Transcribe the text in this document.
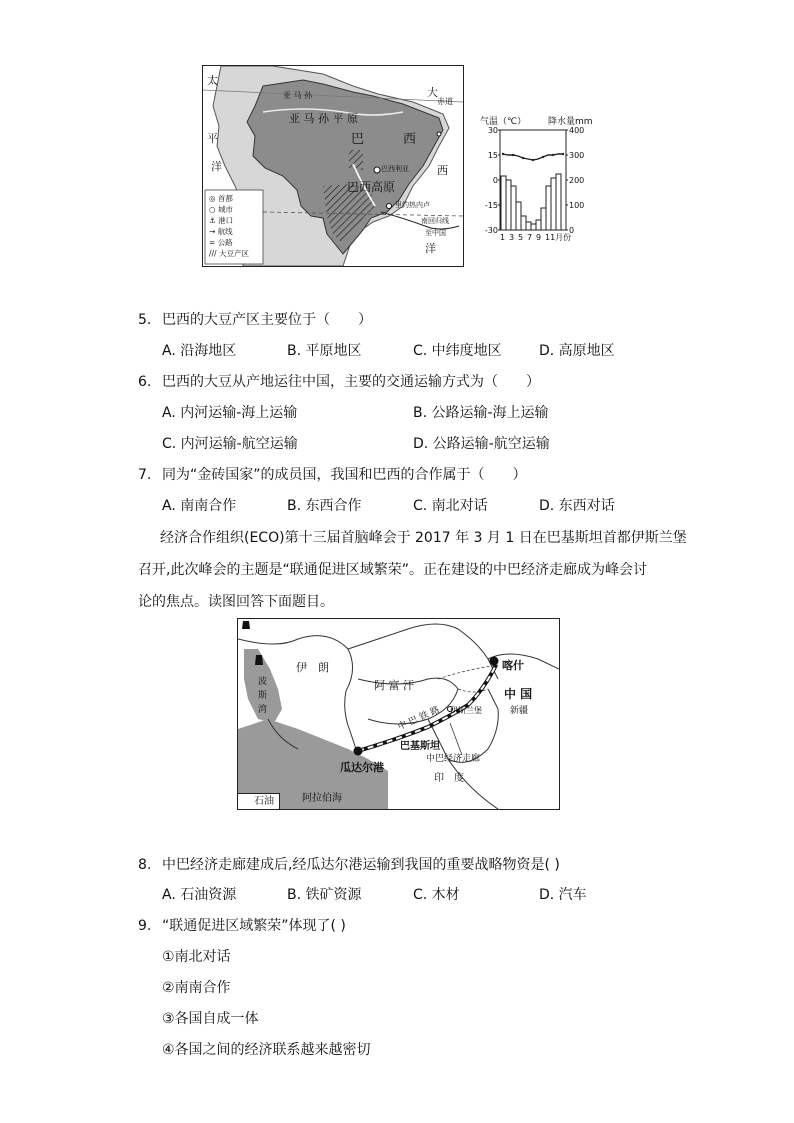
太
平
洋
大
赤道
西
洋
亚 马 孙
亚 马 孙 平 原
巴	西
巴西利亚
巴西高原
里约热内卢
南回归线
至中国
◎ 首都
○ 城市
⚓ 港口
→ 航线
= 公路
/// 大豆产区
气温（℃） 降水量mm
30
15
0
-15
-30
400
300
200
100
0
1 3 5 7 9 11月份
5. 巴西的大豆产区主要位于（　　）
A. 沿海地区	B. 平原地区	C. 中纬度地区	D. 高原地区
6. 巴西的大豆从产地运往中国，主要的交通运输方式为（　　）
A. 内河运输-海上运输	B. 公路运输-海上运输
C. 内河运输-航空运输	D. 公路运输-航空运输
7. 同为“金砖国家”的成员国，我国和巴西的合作属于（　　）
A. 南南合作	B. 东西合作	C. 南北对话	D. 东西对话
经济合作组织(ECO)第十三届首脑峰会于 2017 年 3 月 1 日在巴基斯坦首都伊斯兰堡
召开,此次峰会的主题是“联通促进区域繁荣”。正在建设的中巴经济走廊成为峰会讨
论的焦点。读图回答下面题目。
伊　朗
阿 富 汗
中 国
新疆
喀什
伊斯兰堡
巴基斯坦
瓜达尔港
中巴经济走廊
印　度
阿拉伯海
波斯湾	中 巴 铁 路
石油
8. 中巴经济走廊建成后,经瓜达尔港运输到我国的重要战略物资是( )
A. 石油资源	B. 铁矿资源	C. 木材	D. 汽车
9. “联通促进区域繁荣”体现了( )
①南北对话
②南南合作
③各国自成一体
④各国之间的经济联系越来越密切
